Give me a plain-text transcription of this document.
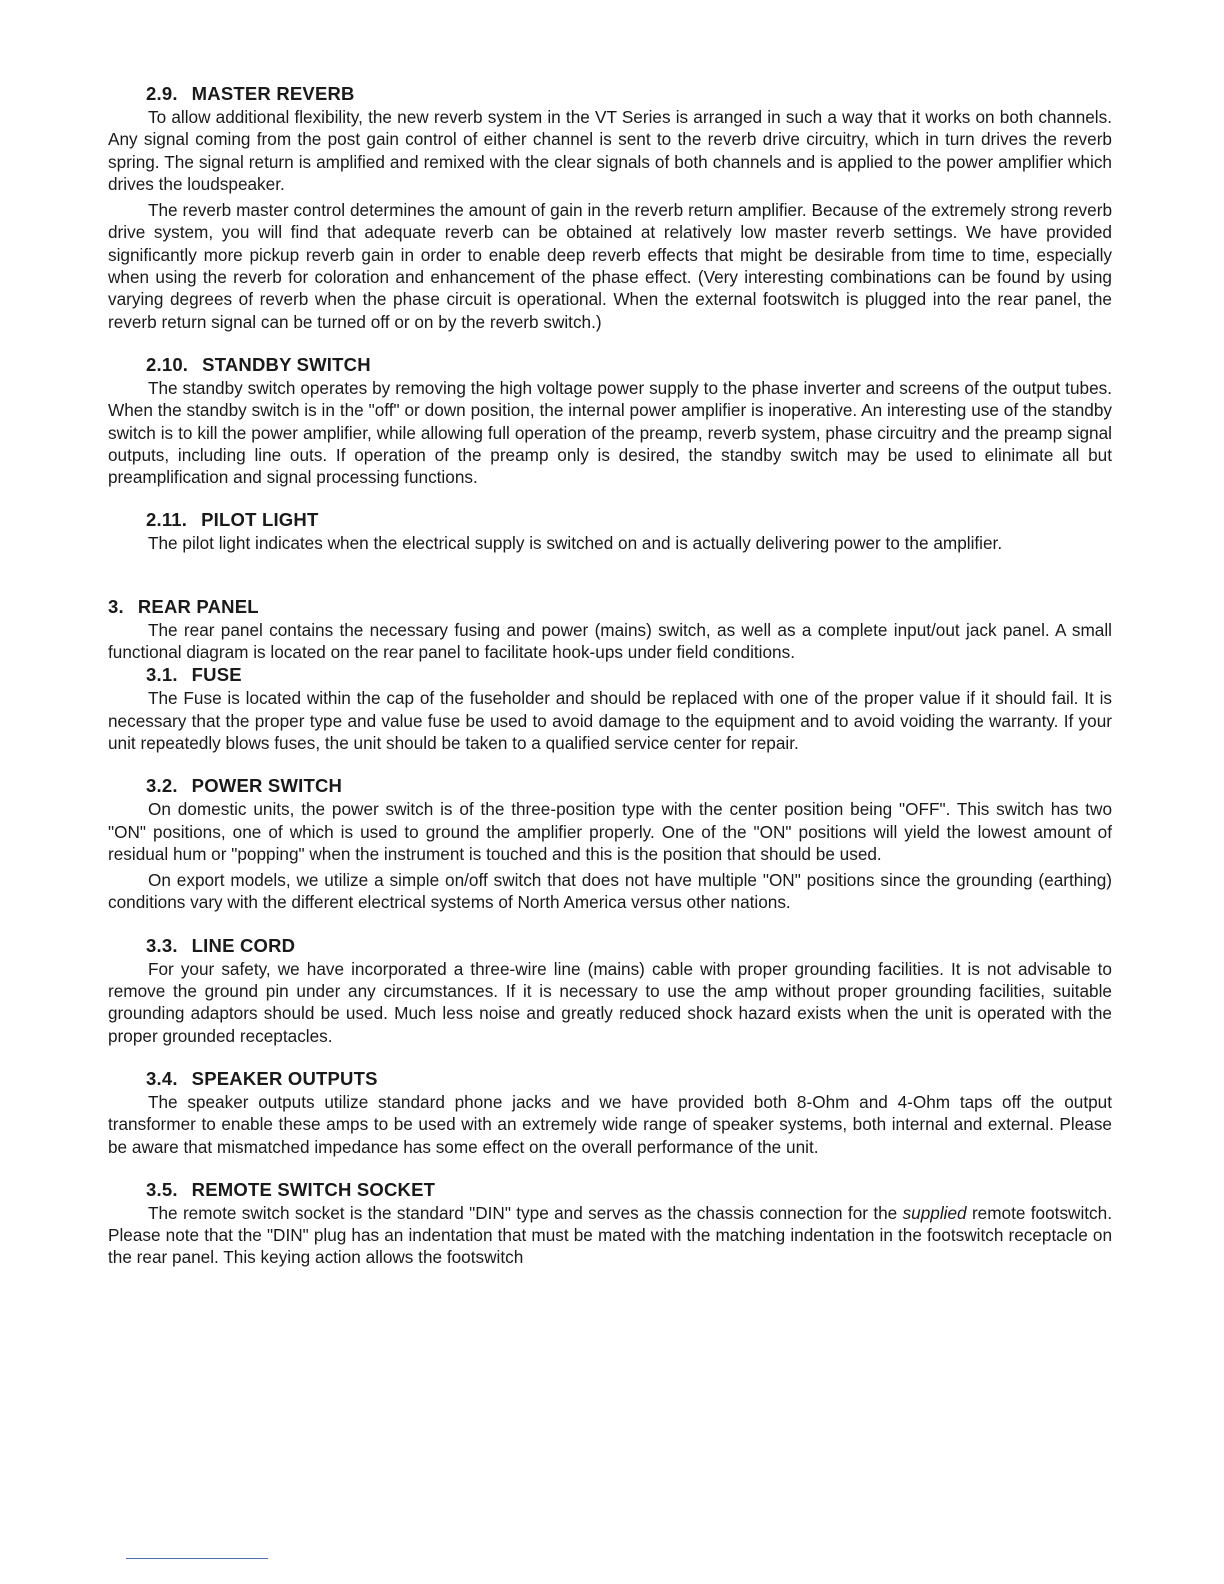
2.9. MASTER REVERB

To allow additional flexibility, the new reverb system in the VT Series is arranged in such a way that it works on both channels. Any signal coming from the post gain control of either channel is sent to the reverb drive circuitry, which in turn drives the reverb spring. The signal return is amplified and remixed with the clear signals of both channels and is applied to the power amplifier which drives the loudspeaker.

The reverb master control determines the amount of gain in the reverb return amplifier. Because of the extremely strong reverb drive system, you will find that adequate reverb can be obtained at relatively low master reverb settings. We have provided significantly more pickup reverb gain in order to enable deep reverb effects that might be desirable from time to time, especially when using the reverb for coloration and enhancement of the phase effect. (Very interesting combinations can be found by using varying degrees of reverb when the phase circuit is operational. When the external footswitch is plugged into the rear panel, the reverb return signal can be turned off or on by the reverb switch.)

2.10. STANDBY SWITCH

The standby switch operates by removing the high voltage power supply to the phase inverter and screens of the output tubes. When the standby switch is in the "off" or down position, the internal power amplifier is inoperative. An interesting use of the standby switch is to kill the power amplifier, while allowing full operation of the preamp, reverb system, phase circuitry and the preamp signal outputs, including line outs. If operation of the preamp only is desired, the standby switch may be used to elinimate all but preamplification and signal processing functions.

2.11. PILOT LIGHT

The pilot light indicates when the electrical supply is switched on and is actually delivering power to the amplifier.

3. REAR PANEL

The rear panel contains the necessary fusing and power (mains) switch, as well as a complete input/out jack panel. A small functional diagram is located on the rear panel to facilitate hook-ups under field conditions.

3.1. FUSE

The Fuse is located within the cap of the fuseholder and should be replaced with one of the proper value if it should fail. It is necessary that the proper type and value fuse be used to avoid damage to the equipment and to avoid voiding the warranty. If your unit repeatedly blows fuses, the unit should be taken to a qualified service center for repair.

3.2. POWER SWITCH

On domestic units, the power switch is of the three-position type with the center position being "OFF". This switch has two "ON" positions, one of which is used to ground the amplifier properly. One of the "ON" positions will yield the lowest amount of residual hum or "popping" when the instrument is touched and this is the position that should be used.

On export models, we utilize a simple on/off switch that does not have multiple "ON" positions since the grounding (earthing) conditions vary with the different electrical systems of North America versus other nations.

3.3. LINE CORD

For your safety, we have incorporated a three-wire line (mains) cable with proper grounding facilities. It is not advisable to remove the ground pin under any circumstances. If it is necessary to use the amp without proper grounding facilities, suitable grounding adaptors should be used. Much less noise and greatly reduced shock hazard exists when the unit is operated with the proper grounded receptacles.

3.4. SPEAKER OUTPUTS

The speaker outputs utilize standard phone jacks and we have provided both 8-Ohm and 4-Ohm taps off the output transformer to enable these amps to be used with an extremely wide range of speaker systems, both internal and external. Please be aware that mismatched impedance has some effect on the overall performance of the unit.

3.5. REMOTE SWITCH SOCKET

The remote switch socket is the standard "DIN" type and serves as the chassis connection for the supplied remote footswitch. Please note that the "DIN" plug has an indentation that must be mated with the matching indentation in the footswitch receptacle on the rear panel. This keying action allows the footswitch
